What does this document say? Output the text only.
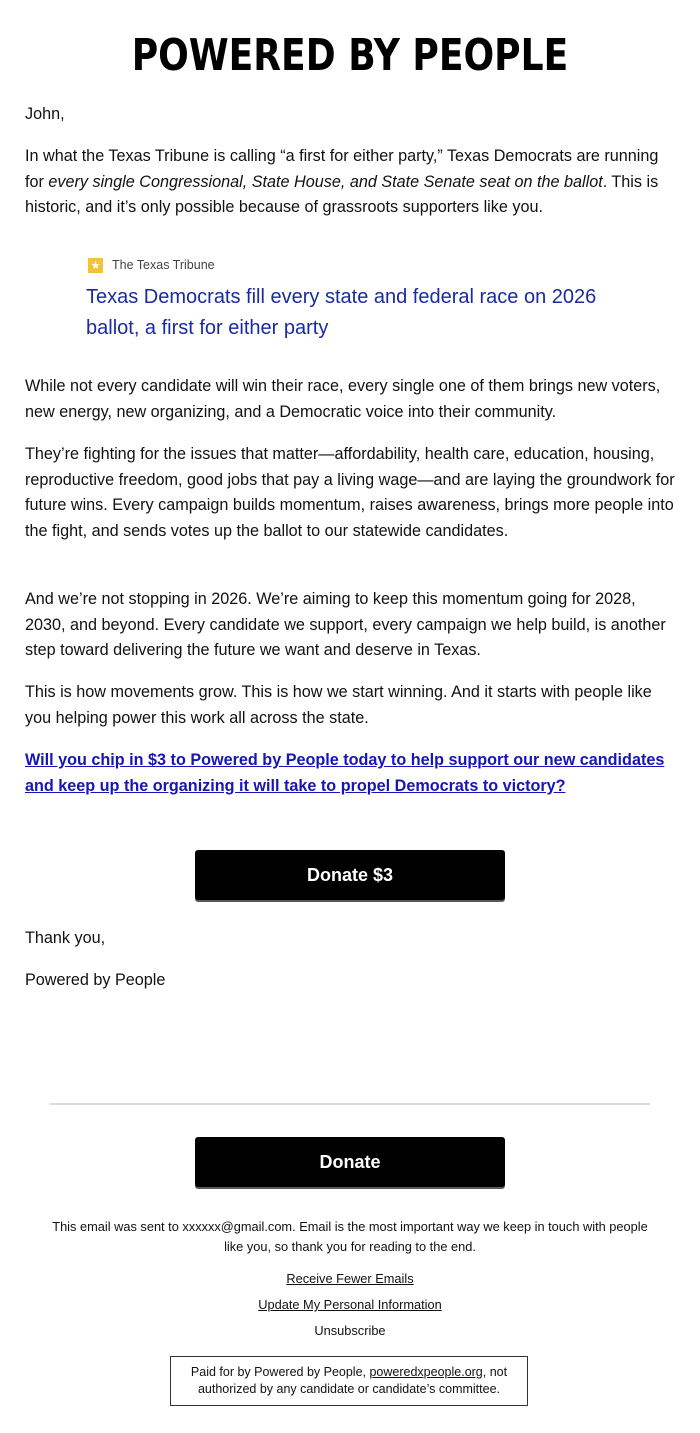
POWERED BY PEOPLE

John,

In what the Texas Tribune is calling “a first for either party,” Texas Democrats are running for every single Congressional, State House, and State Senate seat on the ballot. This is historic, and it’s only possible because of grassroots supporters like you.

★ The Texas Tribune
Texas Democrats fill every state and federal race on 2026 ballot, a first for either party

While not every candidate will win their race, every single one of them brings new voters, new energy, new organizing, and a Democratic voice into their community.

They’re fighting for the issues that matter—affordability, health care, education, housing, reproductive freedom, good jobs that pay a living wage—and are laying the groundwork for future wins. Every campaign builds momentum, raises awareness, brings more people into the fight, and sends votes up the ballot to our statewide candidates.

And we’re not stopping in 2026. We’re aiming to keep this momentum going for 2028, 2030, and beyond. Every candidate we support, every campaign we help build, is another step toward delivering the future we want and deserve in Texas.

This is how movements grow. This is how we start winning. And it starts with people like you helping power this work all across the state.

Will you chip in $3 to Powered by People today to help support our new candidates and keep up the organizing it will take to propel Democrats to victory?
Donate $3

Thank you,

Powered by People

Donate
This email was sent to xxxxxx@gmail.com. Email is the most important way we keep in touch with people like you, so thank you for reading to the end.
Receive Fewer Emails
Update My Personal Information
Unsubscribe
Paid for by Powered by People, poweredxpeople.org, not authorized by any candidate or candidate’s committee.
